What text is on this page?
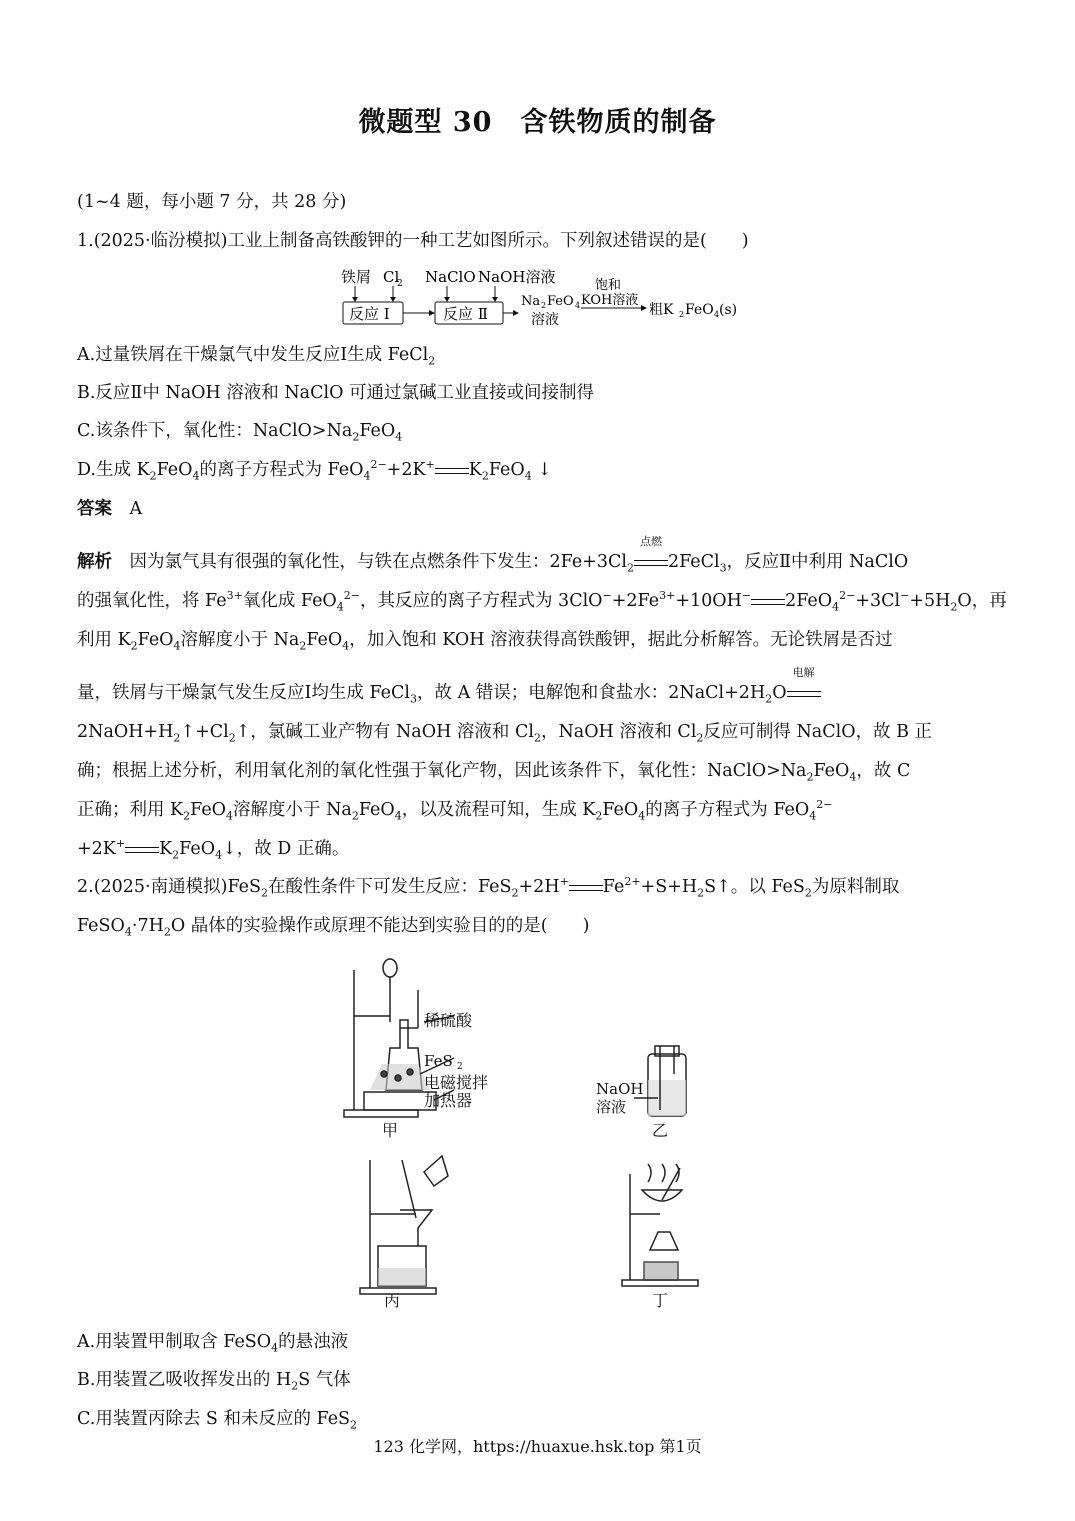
微题型 30　含铁物质的制备
(1~4 题，每小题 7 分，共 28 分)
1.(2025·临汾模拟)工业上制备高铁酸钾的一种工艺如图所示。下列叙述错误的是(　　)
铁屑 Cl
2
反应 Ⅰ
NaClO NaOH溶液
反应 Ⅱ
Na 2 FeO 4
溶液
饱和
KOH溶液
粗K 2 FeO 4 (s)
A.过量铁屑在干燥氯气中发生反应Ⅰ生成 FeCl$_2$
B.反应Ⅱ中 NaOH 溶液和 NaClO 可通过氯碱工业直接或间接制得
C.该条件下，氧化性：$NaClO>Na_2FeO_4$
D.生成 $K_2FeO_4$的离子方程式为 FeO$_4^{2-}$+2K+ $K_2FeO_4$ ↓
答案　 A
解析　 因为氯气具有很强的氧化性，与铁在点燃条件下发生：$2Fe+3Cl_2$
点燃
2FeCl$_3$，反应Ⅱ中利用 NaClO
的强氧化性，将 $Fe^{3+}$氧化成 FeO$_4^{2-}$，其反应的离子方程式为 $3ClO^-+2Fe^{3+}+10OH^-$ $2FeO_4^{2-}+3Cl^-+5H_2O$，再
利用 $K_2FeO_4$溶解度小于 $Na_2FeO_4$，加入饱和 KOH 溶液获得高铁酸钾，据此分析解答。无论铁屑是否过
量，铁屑与干燥氯气发生反应Ⅰ均生成 FeCl$_3$，故 A 错误；电解饱和食盐水：$2NaCl+2H_2O$
电解
$2NaOH+H_2↑+Cl_2↑$，氯碱工业产物有 NaOH 溶液和 $Cl_2$，NaOH 溶液和 $Cl_2$反应可制得 NaClO，故 B 正
确；根据上述分析，利用氧化剂的氧化性强于氧化产物，因此该条件下，氧化性：$NaClO>Na_2FeO_4$，故 C
正确；利用 $K_2FeO_4$溶解度小于 $Na_2FeO_4$，以及流程可知，生成 $K_2FeO_4$的离子方程式为 FeO$_4^{2-}$
+2K+ $K_2FeO_4↓$，故 D 正确。
2.(2025·南通模拟)FeS$_2$在酸性条件下可发生反应：FeS$_2$+2H+ $Fe^{2+}+S+H_2S↑$。以 FeS$_2$为原料制取
$FeSO_4\cdot 7H_2O$ 晶体的实验操作或原理不能达到实验目的的是(　　)
稀硫酸
FeS 2
电磁搅拌
加热器
甲
NaOH
溶液
乙
丙	丁
A.用装置甲制取含 FeSO$_4$的悬浊液
B.用装置乙吸收挥发出的 $H_2S$ 气体
C.用装置丙除去 S 和未反应的 FeS$_2$
123 化学网，https://huaxue.hsk.top 第1页
